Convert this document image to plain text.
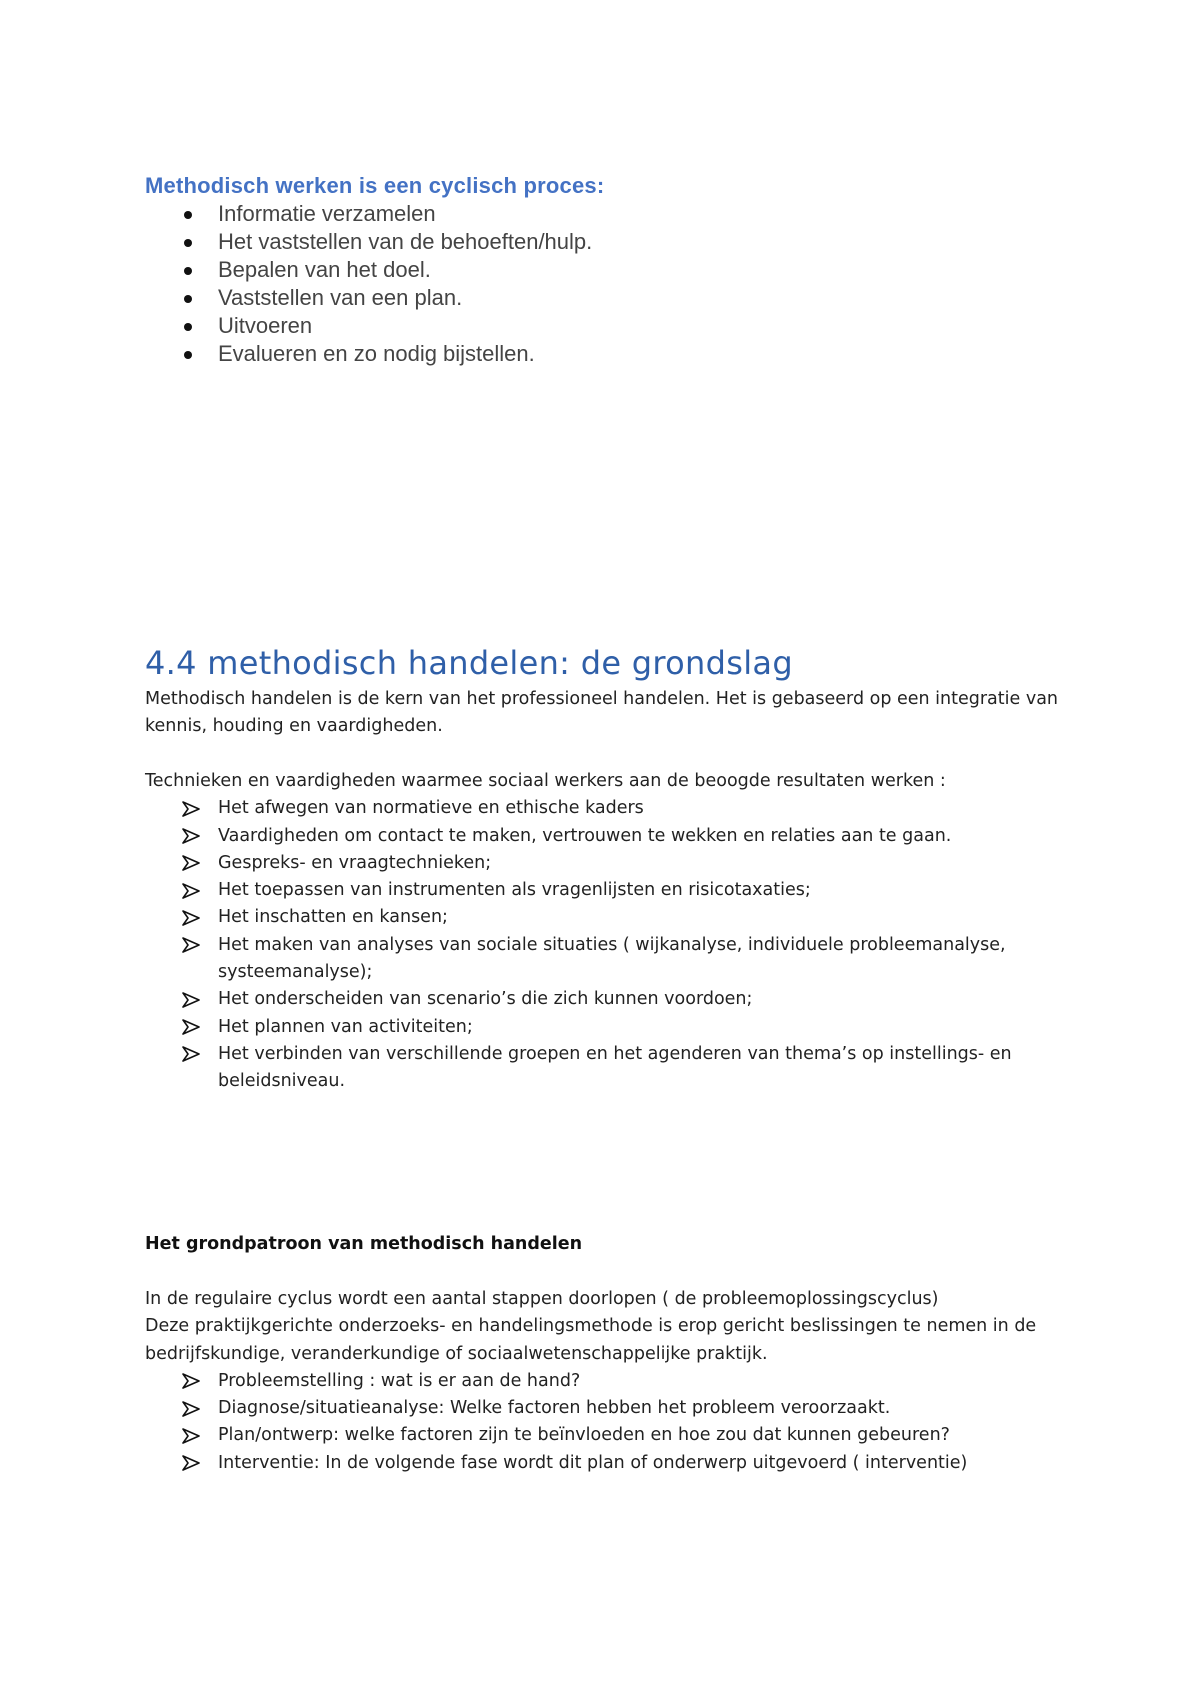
Methodisch werken is een cyclisch proces:
Informatie verzamelen
Het vaststellen van de behoeften/hulp.
Bepalen van het doel.
Vaststellen van een plan.
Uitvoeren
Evalueren en zo nodig bijstellen.
4.4 methodisch handelen: de grondslag

Methodisch handelen is de kern van het professioneel handelen. Het is gebaseerd op een integratie van kennis, houding en vaardigheden.

Technieken en vaardigheden waarmee sociaal werkers aan de beoogde resultaten werken :

Het afwegen van normatieve en ethische kaders
Vaardigheden om contact te maken, vertrouwen te wekken en relaties aan te gaan.
Gespreks- en vraagtechnieken;
Het toepassen van instrumenten als vragenlijsten en risicotaxaties;
Het inschatten en kansen;
Het maken van analyses van sociale situaties ( wijkanalyse, individuele probleemanalyse, systeemanalyse);
Het onderscheiden van scenario’s die zich kunnen voordoen;
Het plannen van activiteiten;
Het verbinden van verschillende groepen en het agenderen van thema’s op instellings- en beleidsniveau.
Het grondpatroon van methodisch handelen

In de regulaire cyclus wordt een aantal stappen doorlopen ( de probleemoplossingscyclus)

Deze praktijkgerichte onderzoeks- en handelingsmethode is erop gericht beslissingen te nemen in de bedrijfskundige, veranderkundige of sociaalwetenschappelijke praktijk.

Probleemstelling : wat is er aan de hand?
Diagnose/situatieanalyse: Welke factoren hebben het probleem veroorzaakt.
Plan/ontwerp: welke factoren zijn te beïnvloeden en hoe zou dat kunnen gebeuren?
Interventie: In de volgende fase wordt dit plan of onderwerp uitgevoerd ( interventie)
